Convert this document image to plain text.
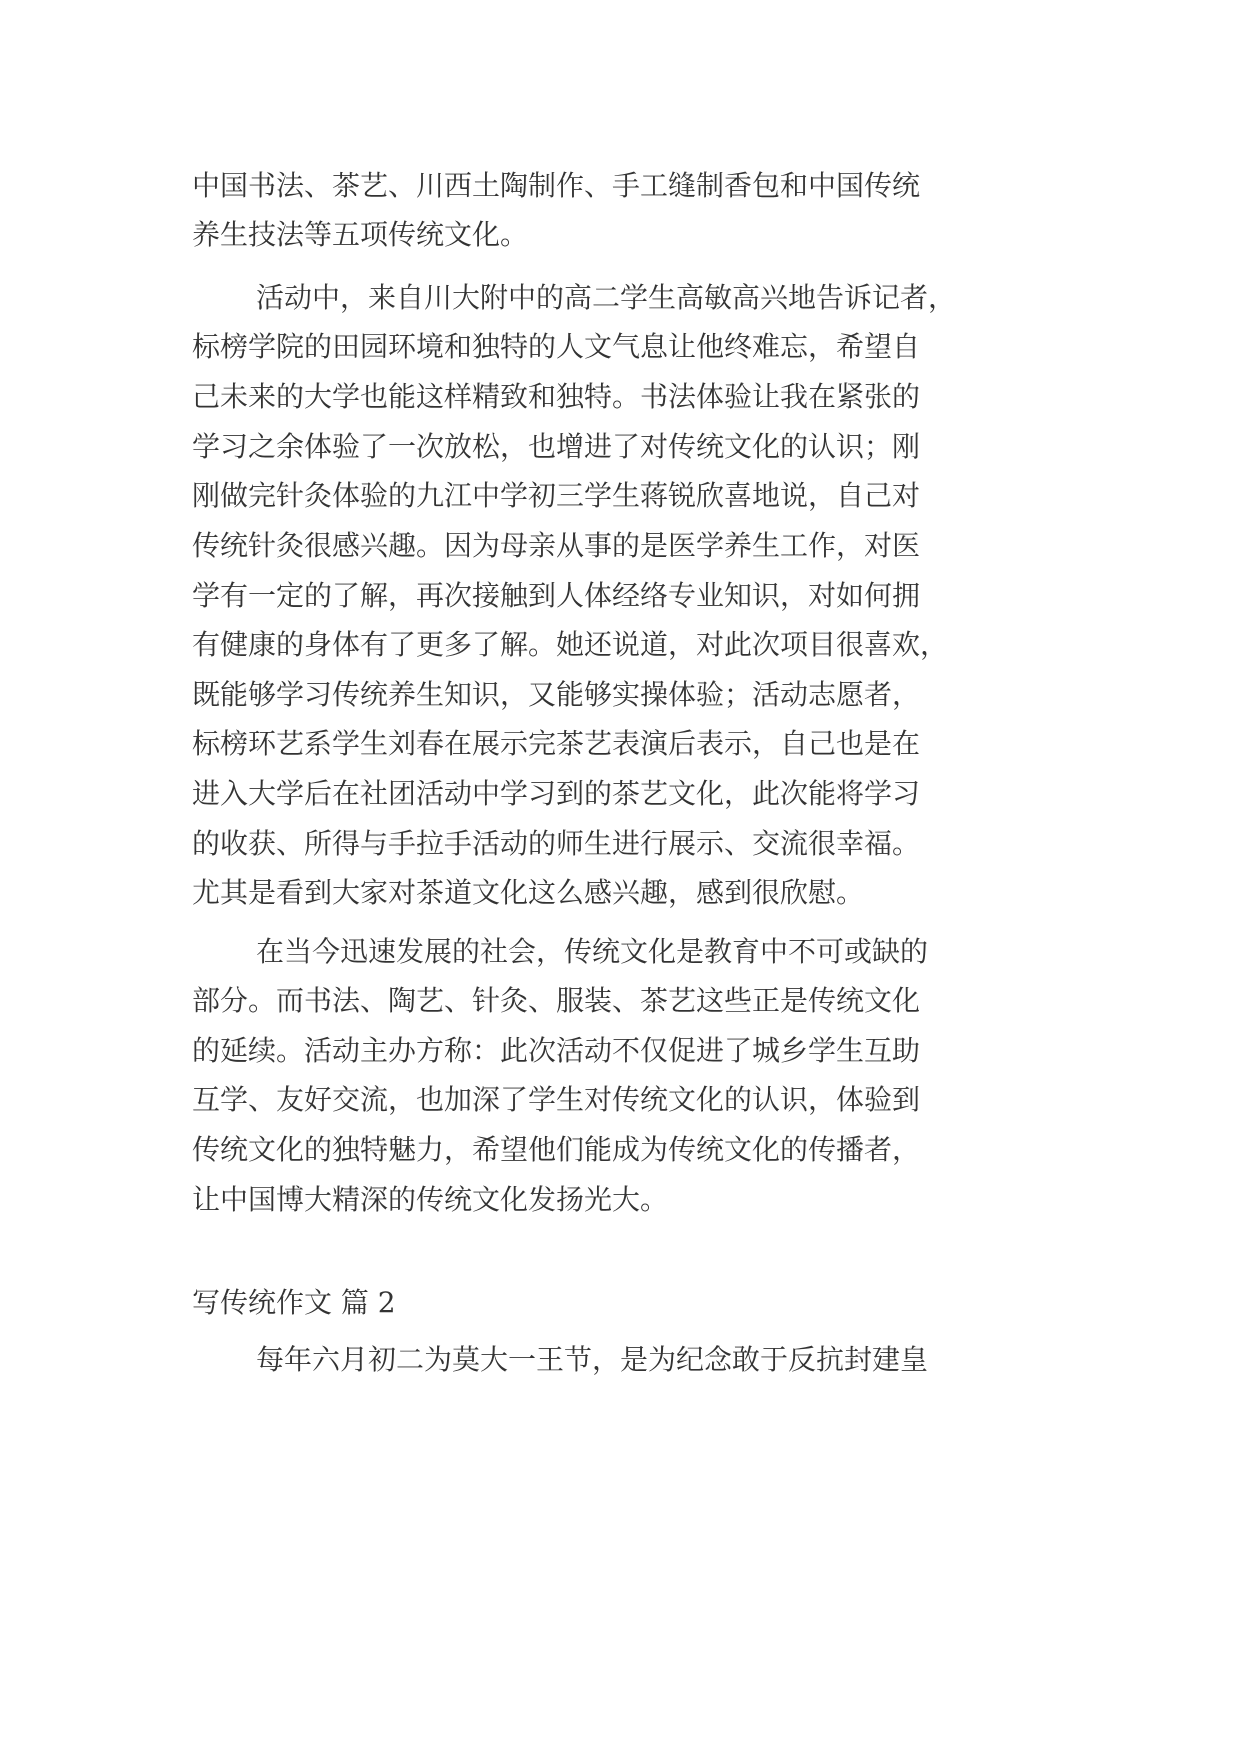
中国书法、茶艺、川西土陶制作、手工缝制香包和中国传统
养生技法等五项传统文化。
活动中，来自川大附中的高二学生高敏高兴地告诉记者，
标榜学院的田园环境和独特的人文气息让他终难忘，希望自
己未来的大学也能这样精致和独特。书法体验让我在紧张的
学习之余体验了一次放松，也增进了对传统文化的认识；刚
刚做完针灸体验的九江中学初三学生蒋锐欣喜地说，自己对
传统针灸很感兴趣。因为母亲从事的是医学养生工作，对医
学有一定的了解，再次接触到人体经络专业知识，对如何拥
有健康的身体有了更多了解。她还说道，对此次项目很喜欢，
既能够学习传统养生知识，又能够实操体验；活动志愿者，
标榜环艺系学生刘春在展示完茶艺表演后表示，自己也是在
进入大学后在社团活动中学习到的茶艺文化，此次能将学习
的收获、所得与手拉手活动的师生进行展示、交流很幸福。
尤其是看到大家对茶道文化这么感兴趣，感到很欣慰。
在当今迅速发展的社会，传统文化是教育中不可或缺的
部分。而书法、陶艺、针灸、服装、茶艺这些正是传统文化
的延续。活动主办方称：此次活动不仅促进了城乡学生互助
互学、友好交流，也加深了学生对传统文化的认识，体验到
传统文化的独特魅力，希望他们能成为传统文化的传播者，
让中国博大精深的传统文化发扬光大。
写传统作文 篇 2
每年六月初二为莫大一王节，是为纪念敢于反抗封建皇
